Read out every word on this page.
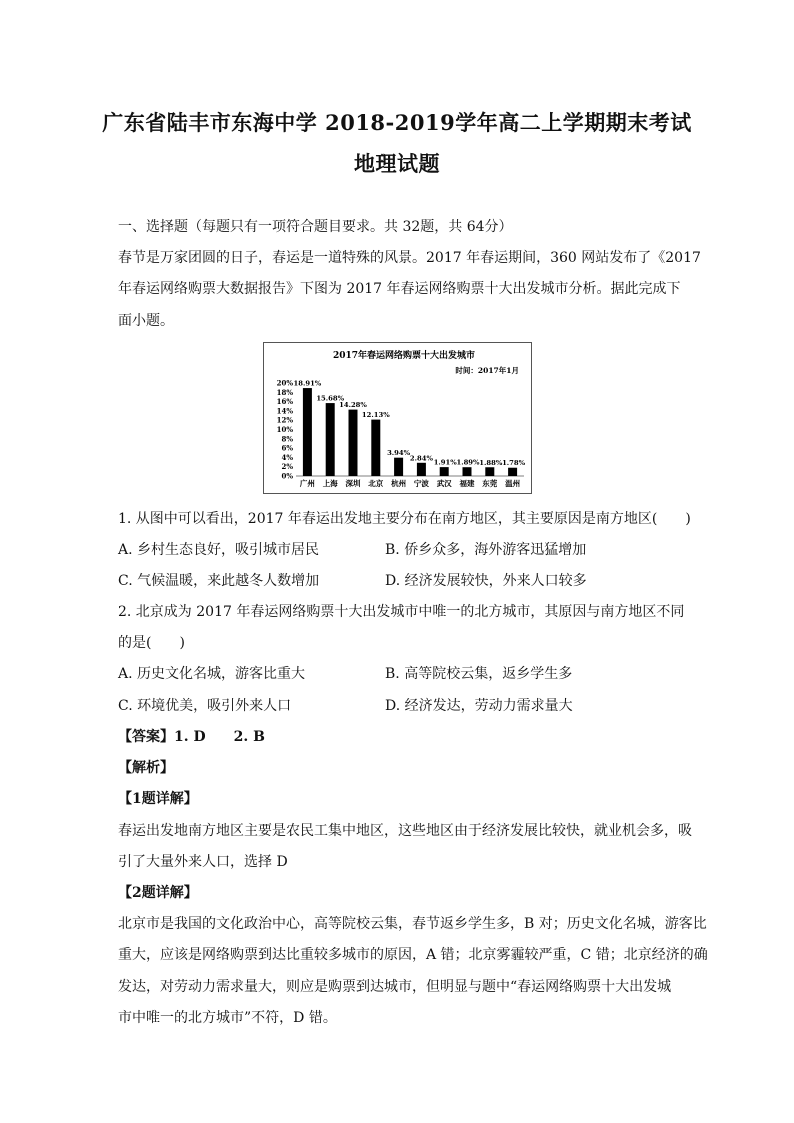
广东省陆丰市东海中学 2018-2019学年高二上学期期末考试
地理试题
一、选择题（每题只有一项符合题目要求。共 32题，共 64分）
春节是万家团圆的日子，春运是一道特殊的风景。2017 年春运期间，360 网站发布了《2017
年春运网络购票大数据报告》下图为 2017 年春运网络购票十大出发城市分析。据此完成下
面小题。
2017年春运网络购票十大出发城市
时间：2017年1月
0%
2%
4%
6%
8%
10%
12%
14%
16%
18%
20% 18.91%
15.68%
14.28%
12.13%
3.94%
2.84%
1.91% 1.89% 1.88% 1.78%
广州 上海 深圳 北京 杭州 宁波 武汉 福建 东莞 温州
1. 从图中可以看出，2017 年春运出发地主要分布在南方地区，其主要原因是南方地区(　　)
A. 乡村生态良好，吸引城市居民	B. 侨乡众多，海外游客迅猛增加
C. 气候温暖，来此越冬人数增加	D. 经济发展较快，外来人口较多
2. 北京成为 2017 年春运网络购票十大出发城市中唯一的北方城市，其原因与南方地区不同
的是(　　)
A. 历史文化名城，游客比重大	B. 高等院校云集，返乡学生多
C. 环境优美，吸引外来人口	D. 经济发达，劳动力需求量大
【答案】1. D　　2. B
【解析】
【1题详解】
春运出发地南方地区主要是农民工集中地区，这些地区由于经济发展比较快，就业机会多，吸
引了大量外来人口，选择 D
【2题详解】
北京市是我国的文化政治中心，高等院校云集，春节返乡学生多，B 对；历史文化名城，游客比
重大，应该是网络购票到达比重较多城市的原因，A 错；北京雾霾较严重，C 错；北京经济的确
发达，对劳动力需求量大，则应是购票到达城市，但明显与题中“春运网络购票十大出发城
市中唯一的北方城市”不符，D 错。
